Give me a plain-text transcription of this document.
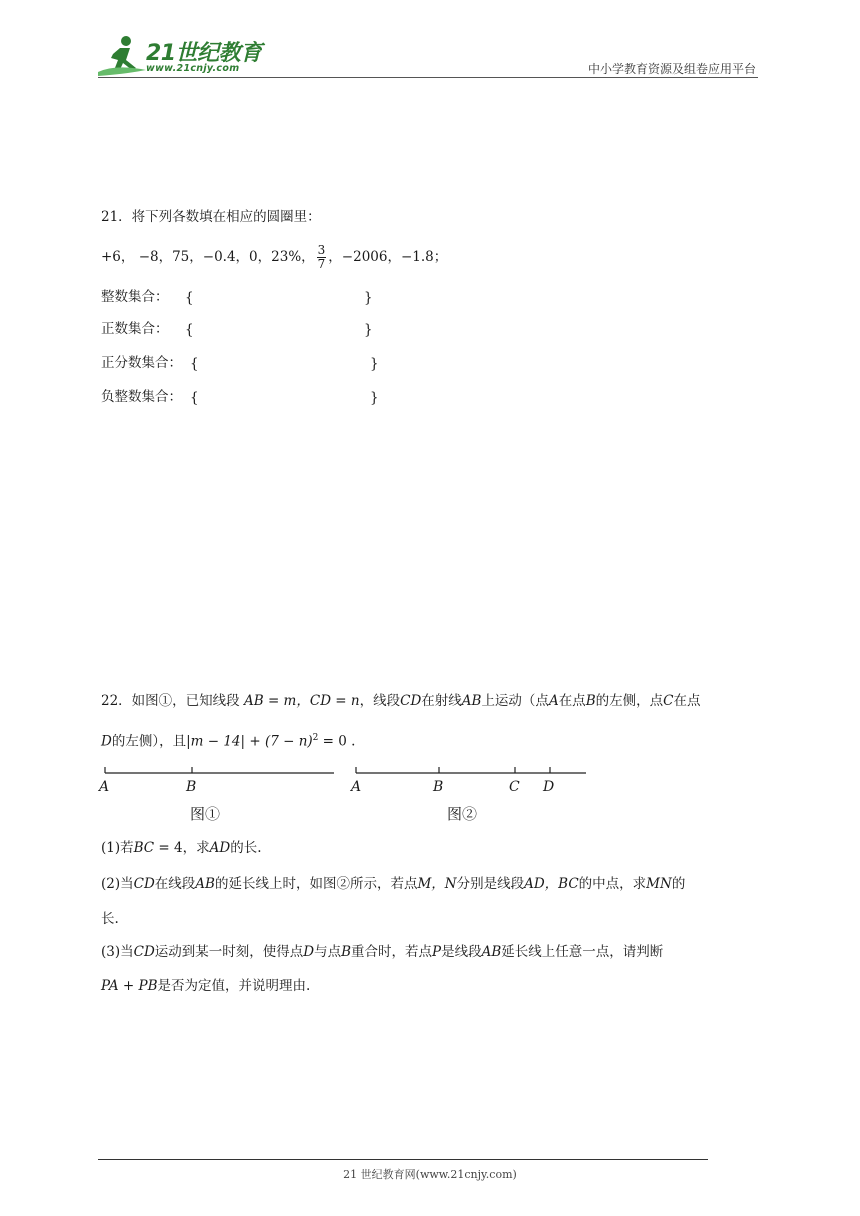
21世纪教育
www.21cnjy.com	中小学教育资源及组卷应用平台
21．将下列各数填在相应的圆圈里：
+6， −8，75，−0.4，0，23%， $\frac{3}{7}$ ，−2006，−1.8；
整数集合： {	}
正数集合： {	}
正分数集合： {	}
负整数集合： {	}
22．如图①，已知线段 AB = m，CD = n，线段CD在射线AB上运动（点A在点B的左侧，点C在点
D的左侧），且$|m - 14| + (7 - n)^2 = 0$ .
A	B
图①
A	B	C D
图②
(1)若BC = 4，求AD的长.
(2)当CD在线段AB的延长线上时，如图②所示，若点M，N分别是线段AD，BC的中点，求MN的
长.
(3)当CD运动到某一时刻，使得点D与点B重合时，若点P是线段AB延长线上任意一点，请判断
PA + PB是否为定值，并说明理由.
21 世纪教育网(www.21cnjy.com)
